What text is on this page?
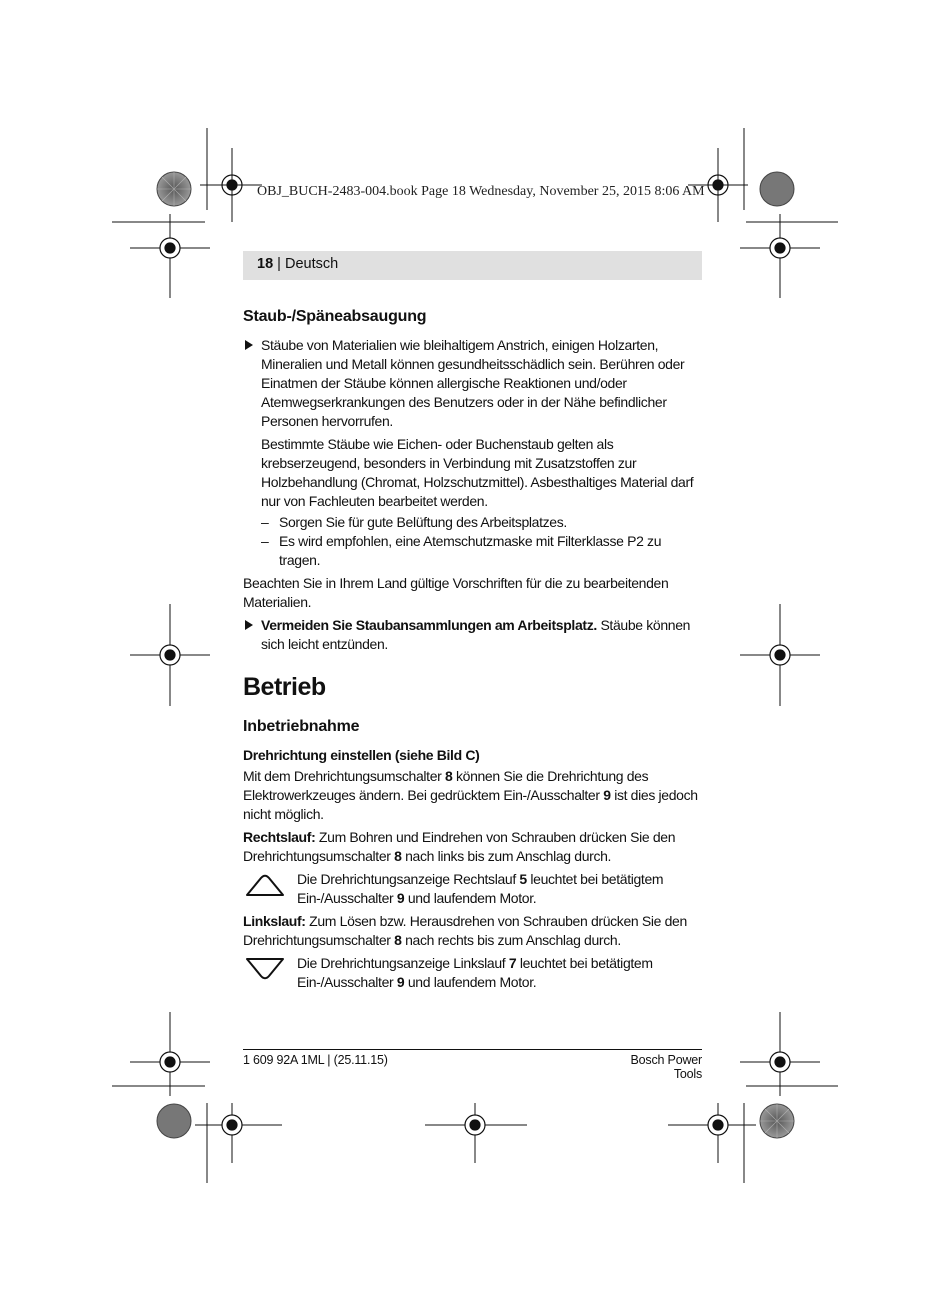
OBJ_BUCH-2483-004.book Page 18 Wednesday, November 25, 2015 8:06 AM
18 | Deutsch
Staub-/Späneabsaugung

Stäube von Materialien wie bleihaltigem Anstrich, einigen Holzarten, Mineralien und Metall können gesundheitsschädlich sein. Berühren oder Einatmen der Stäube können allergische Reaktionen und/oder Atemwegserkrankungen des Benutzers oder in der Nähe befindlicher Personen hervorrufen.

Bestimmte Stäube wie Eichen- oder Buchenstaub gelten als krebserzeugend, besonders in Verbindung mit Zusatzstoffen zur Holzbehandlung (Chromat, Holzschutzmittel). Asbesthaltiges Material darf nur von Fachleuten bearbeitet werden.

– Sorgen Sie für gute Belüftung des Arbeitsplatzes.
– Es wird empfohlen, eine Atemschutzmaske mit Filterklasse P2 zu tragen.

Beachten Sie in Ihrem Land gültige Vorschriften für die zu bearbeitenden Materialien.

Vermeiden Sie Staubansammlungen am Arbeitsplatz. Stäube können sich leicht entzünden.
Betrieb
Inbetriebnahme
Drehrichtung einstellen (siehe Bild C)

Mit dem Drehrichtungsumschalter 8 können Sie die Drehrichtung des Elektrowerkzeuges ändern. Bei gedrücktem Ein-/Ausschalter 9 ist dies jedoch nicht möglich.

Rechtslauf: Zum Bohren und Eindrehen von Schrauben drücken Sie den Drehrichtungsumschalter 8 nach links bis zum Anschlag durch.

Die Drehrichtungsanzeige Rechtslauf 5 leuchtet bei betätigtem Ein-/Ausschalter 9 und laufendem Motor.

Linkslauf: Zum Lösen bzw. Herausdrehen von Schrauben drücken Sie den Drehrichtungsumschalter 8 nach rechts bis zum Anschlag durch.

Die Drehrichtungsanzeige Linkslauf 7 leuchtet bei betätigtem Ein-/Ausschalter 9 und laufendem Motor.
1 609 92A 1ML | (25.11.15)	Bosch Power Tools
